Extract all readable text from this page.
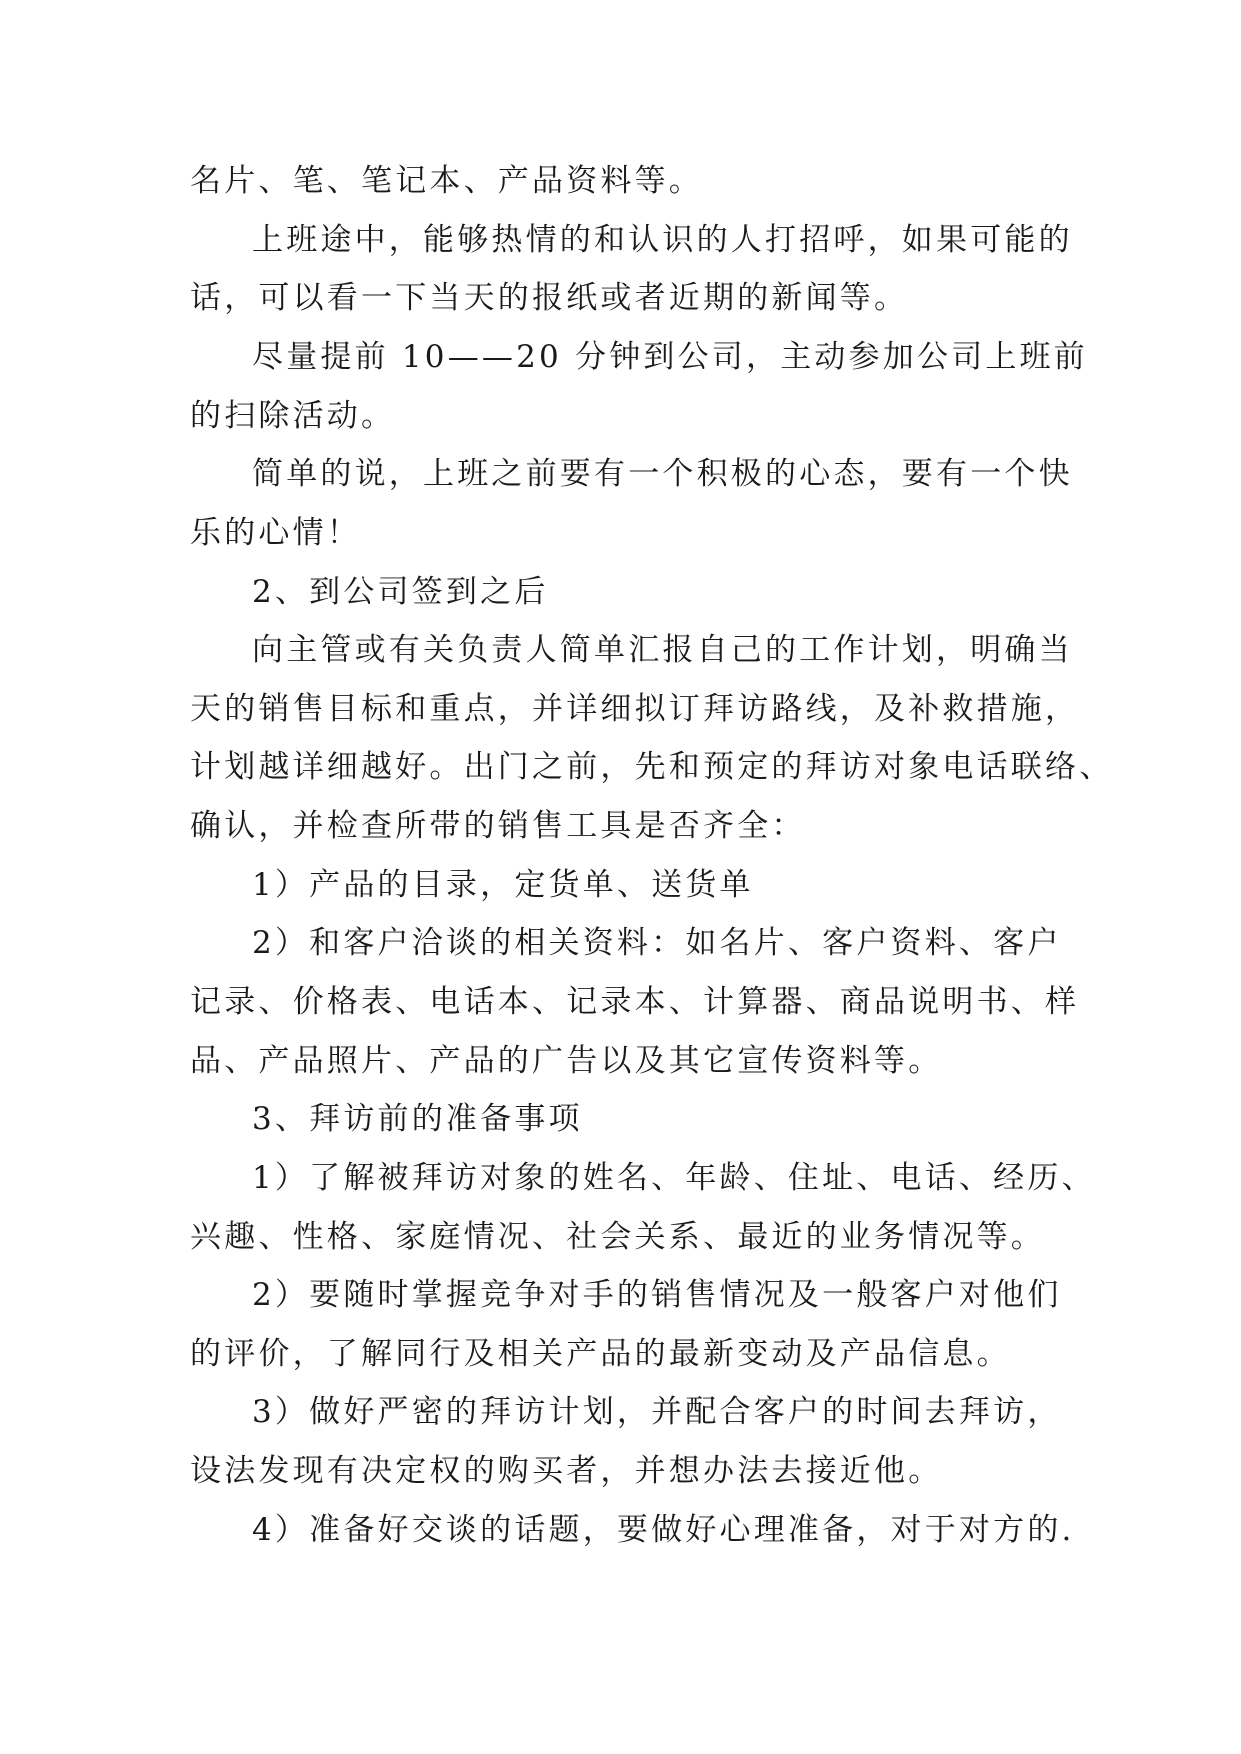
名片、笔、笔记本、产品资料等。

上班途中，能够热情的和认识的人打招呼，如果可能的

话，可以看一下当天的报纸或者近期的新闻等。

尽量提前 10——20 分钟到公司，主动参加公司上班前

的扫除活动。

简单的说，上班之前要有一个积极的心态，要有一个快

乐的心情！

2、到公司签到之后

向主管或有关负责人简单汇报自己的工作计划，明确当

天的销售目标和重点，并详细拟订拜访路线，及补救措施，

计划越详细越好。出门之前，先和预定的拜访对象电话联络、

确认，并检查所带的销售工具是否齐全：

1）产品的目录，定货单、送货单

2）和客户洽谈的相关资料：如名片、客户资料、客户

记录、价格表、电话本、记录本、计算器、商品说明书、样

品、产品照片、产品的广告以及其它宣传资料等。

3、拜访前的准备事项

1）了解被拜访对象的姓名、年龄、住址、电话、经历、

兴趣、性格、家庭情况、社会关系、最近的业务情况等。

2）要随时掌握竞争对手的销售情况及一般客户对他们

的评价，了解同行及相关产品的最新变动及产品信息。

3）做好严密的拜访计划，并配合客户的时间去拜访，

设法发现有决定权的购买者，并想办法去接近他。

4）准备好交谈的话题，要做好心理准备，对于对方的.
